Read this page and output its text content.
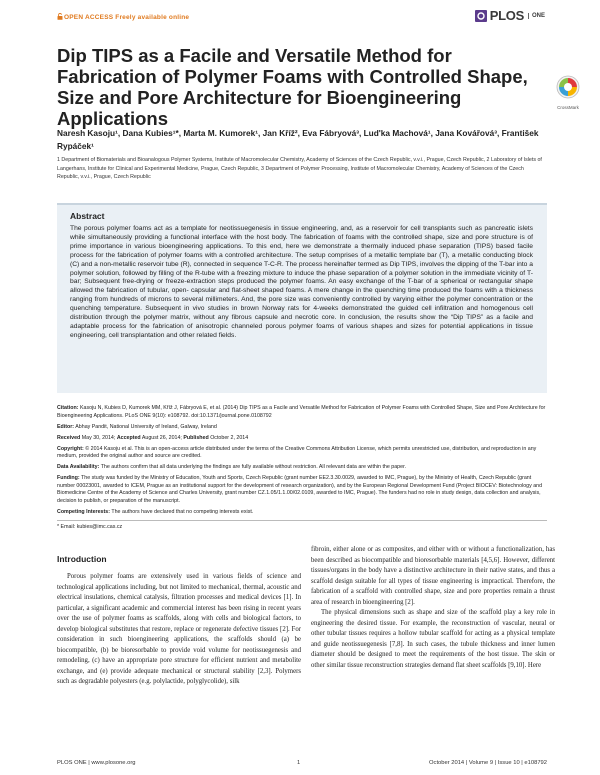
OPEN ACCESS Freely available online	PLOS	ONE
Dip TIPS as a Facile and Versatile Method for Fabrication of Polymer Foams with Controlled Shape, Size and Pore Architecture for Bioengineering Applications
CrossMark
Naresh Kasoju¹, Dana Kubies¹*, Marta M. Kumorek¹, Jan Kříž², Eva Fábryová³, Lud'ka Machová¹, Jana Kovářová³, František Rypáček¹
1 Department of Biomaterials and Bioanalogous Polymer Systems, Institute of Macromolecular Chemistry, Academy of Sciences of the Czech Republic, v.v.i., Prague, Czech Republic, 2 Laboratory of Islets of Langerhans, Institute for Clinical and Experimental Medicine, Prague, Czech Republic, 3 Department of Polymer Processing, Institute of Macromolecular Chemistry, Academy of Sciences of the Czech Republic, v.v.i., Prague, Czech Republic
Abstract
The porous polymer foams act as a template for neotissuegenesis in tissue engineering, and, as a reservoir for cell transplants such as pancreatic islets while simultaneously providing a functional interface with the host body. The fabrication of foams with the controlled shape, size and pore structure is of prime importance in various bioengineering applications. To this end, here we demonstrate a thermally induced phase separation (TIPS) based facile process for the fabrication of polymer foams with a controlled architecture. The setup comprises of a metallic template bar (T), a metallic conducting block (C) and a non-metallic reservoir tube (R), connected in sequence T-C-R. The process hereinafter termed as Dip TIPS, involves the dipping of the T-bar into a polymer solution, followed by filling of the R-tube with a freezing mixture to induce the phase separation of a polymer solution in the immediate vicinity of T-bar; Subsequent free-drying or freeze-extraction steps produced the polymer foams. An easy exchange of the T-bar of a spherical or rectangular shape allowed the fabrication of tubular, open- capsular and flat-sheet shaped foams. A mere change in the quenching time produced the foams with a thickness ranging from hundreds of microns to several millimeters. And, the pore size was conveniently controlled by varying either the polymer concentration or the quenching temperature. Subsequent in vivo studies in brown Norway rats for 4-weeks demonstrated the guided cell infiltration and homogenous cell distribution through the polymer matrix, without any fibrous capsule and necrotic core. In conclusion, the results show the “Dip TIPS” as a facile and adaptable process for the fabrication of anisotropic channeled porous polymer foams of various shapes and sizes for potential applications in tissue engineering, cell transplantation and other related fields.

Citation: Kasoju N, Kubies D, Kumorek MM, Kříž J, Fábryová E, et al. (2014) Dip TIPS as a Facile and Versatile Method for Fabrication of Polymer Foams with Controlled Shape, Size and Pore Architecture for Bioengineering Applications. PLoS ONE 9(10): e108792. doi:10.1371/journal.pone.0108792

Editor: Abhay Pandit, National University of Ireland, Galway, Ireland

Received May 30, 2014; Accepted August 26, 2014; Published October 2, 2014

Copyright: © 2014 Kasoju et al. This is an open-access article distributed under the terms of the Creative Commons Attribution License, which permits unrestricted use, distribution, and reproduction in any medium, provided the original author and source are credited.

Data Availability: The authors confirm that all data underlying the findings are fully available without restriction. All relevant data are within the paper.

Funding: The study was funded by the Ministry of Education, Youth and Sports, Czech Republic (grant number EE2.3.30.0029, awarded to IMC, Prague), by the Ministry of Health, Czech Republic (grant number 00023001, awarded to ICEM, Prague as an institutional support for the development of research organization), and by the European Regional Development Fund (Project BIOCEV: Biotechnology and Biomedicine Centre of the Academy of Science and Charles University, grant number CZ.1.05/1.1.00/02.0109, awarded to IMC, Prague). The funders had no role in study design, data collection and analysis, decision to publish, or preparation of the manuscript.

Competing Interests: The authors have declared that no competing interests exist.

* Email: kubies@imc.cas.cz

Introduction

Porous polymer foams are extensively used in various fields of science and technological applications including, but not limited to mechanical, thermal, acoustic and electrical insulations, chemical catalysis, filtration processes and medical devices [1]. In particular, a significant academic and commercial interest has been rising in recent years over the use of polymer foams as scaffolds, along with cells and biological factors, to develop biological substitutes that restore, replace or regenerate defective tissues [2]. For consideration in such bioengineering applications, the scaffolds should (a) be biocompatible, (b) be bioresorbable to provide void volume for neotissuegenesis and remodeling, (c) have an appropriate pore structure for efficient nutrient and metabolite exchange, and (e) provide adequate mechanical or structural stability [2,3]. Polymers such as degradable polyesters (e.g. polylactide, polyglycolide), silk

fibroin, either alone or as composites, and either with or without a functionalization, has been described as biocompatible and bioresorbable materials [4,5,6]. However, different tissues/organs in the body have a distinctive architecture in their native states, and thus a scaffold design suitable for all types of tissue engineering is impractical. Therefore, the fabrication of a scaffold with controlled shape, size and pore properties remain a thrust area of research in bioengineering [2].

The physical dimensions such as shape and size of the scaffold play a key role in engineering the desired tissue. For example, the reconstruction of vascular, neural or other tubular tissues requires a hollow tubular scaffold for acting as a physical template and guide neotissuegenesis [7,8]. In such cases, the tubule thickness and inner lumen diameter should be designed to meet the requirements of the host tissue. The skin or other similar tissue reconstruction strategies demand flat sheet scaffolds [9,10]. Here

PLOS ONE | www.plosone.org	1	October 2014 | Volume 9 | Issue 10 | e108792
